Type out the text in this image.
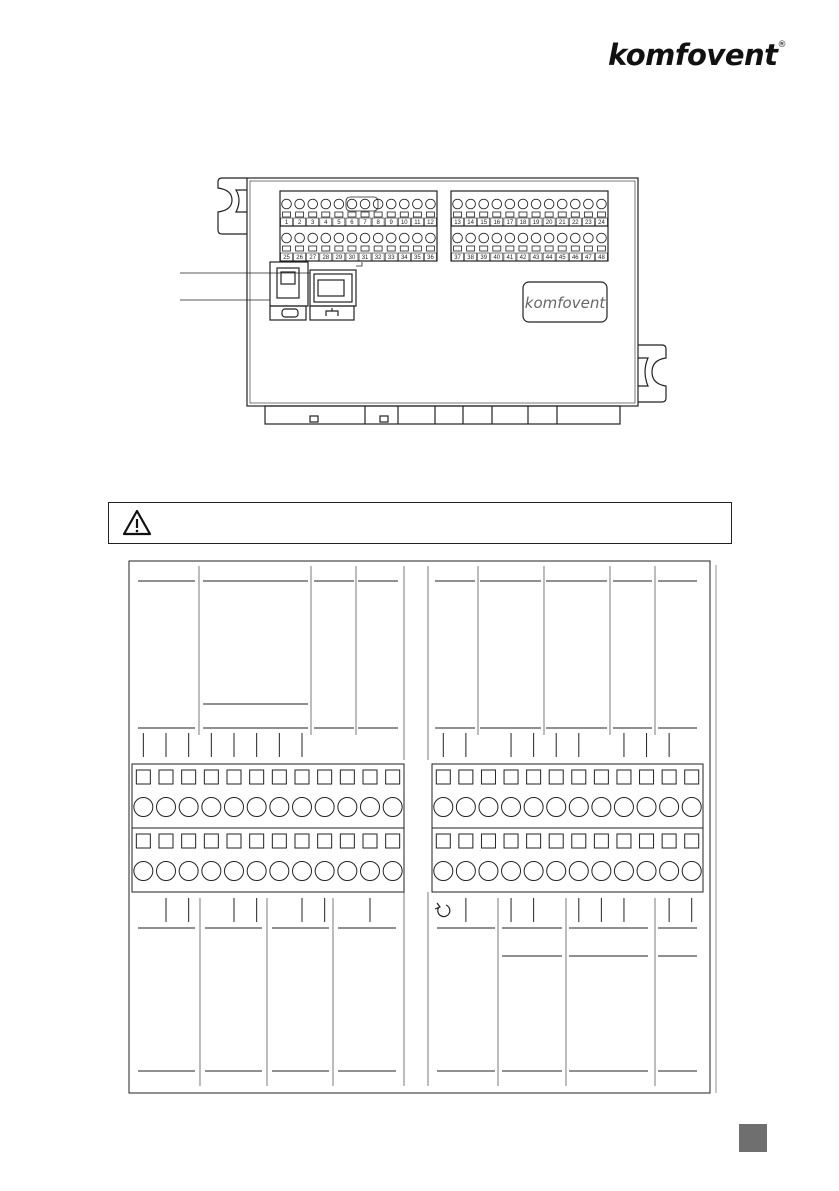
komfovent®
1 2 3 4 5 6 7 8 9 10 11 12	13 14 15 16 17 18 19 20 21 22 23 24
25 26 27 28 29 30 31 32 33 34 35 36	37 38 39 40 41 42 43 44 45 46 47 48
komfovent
